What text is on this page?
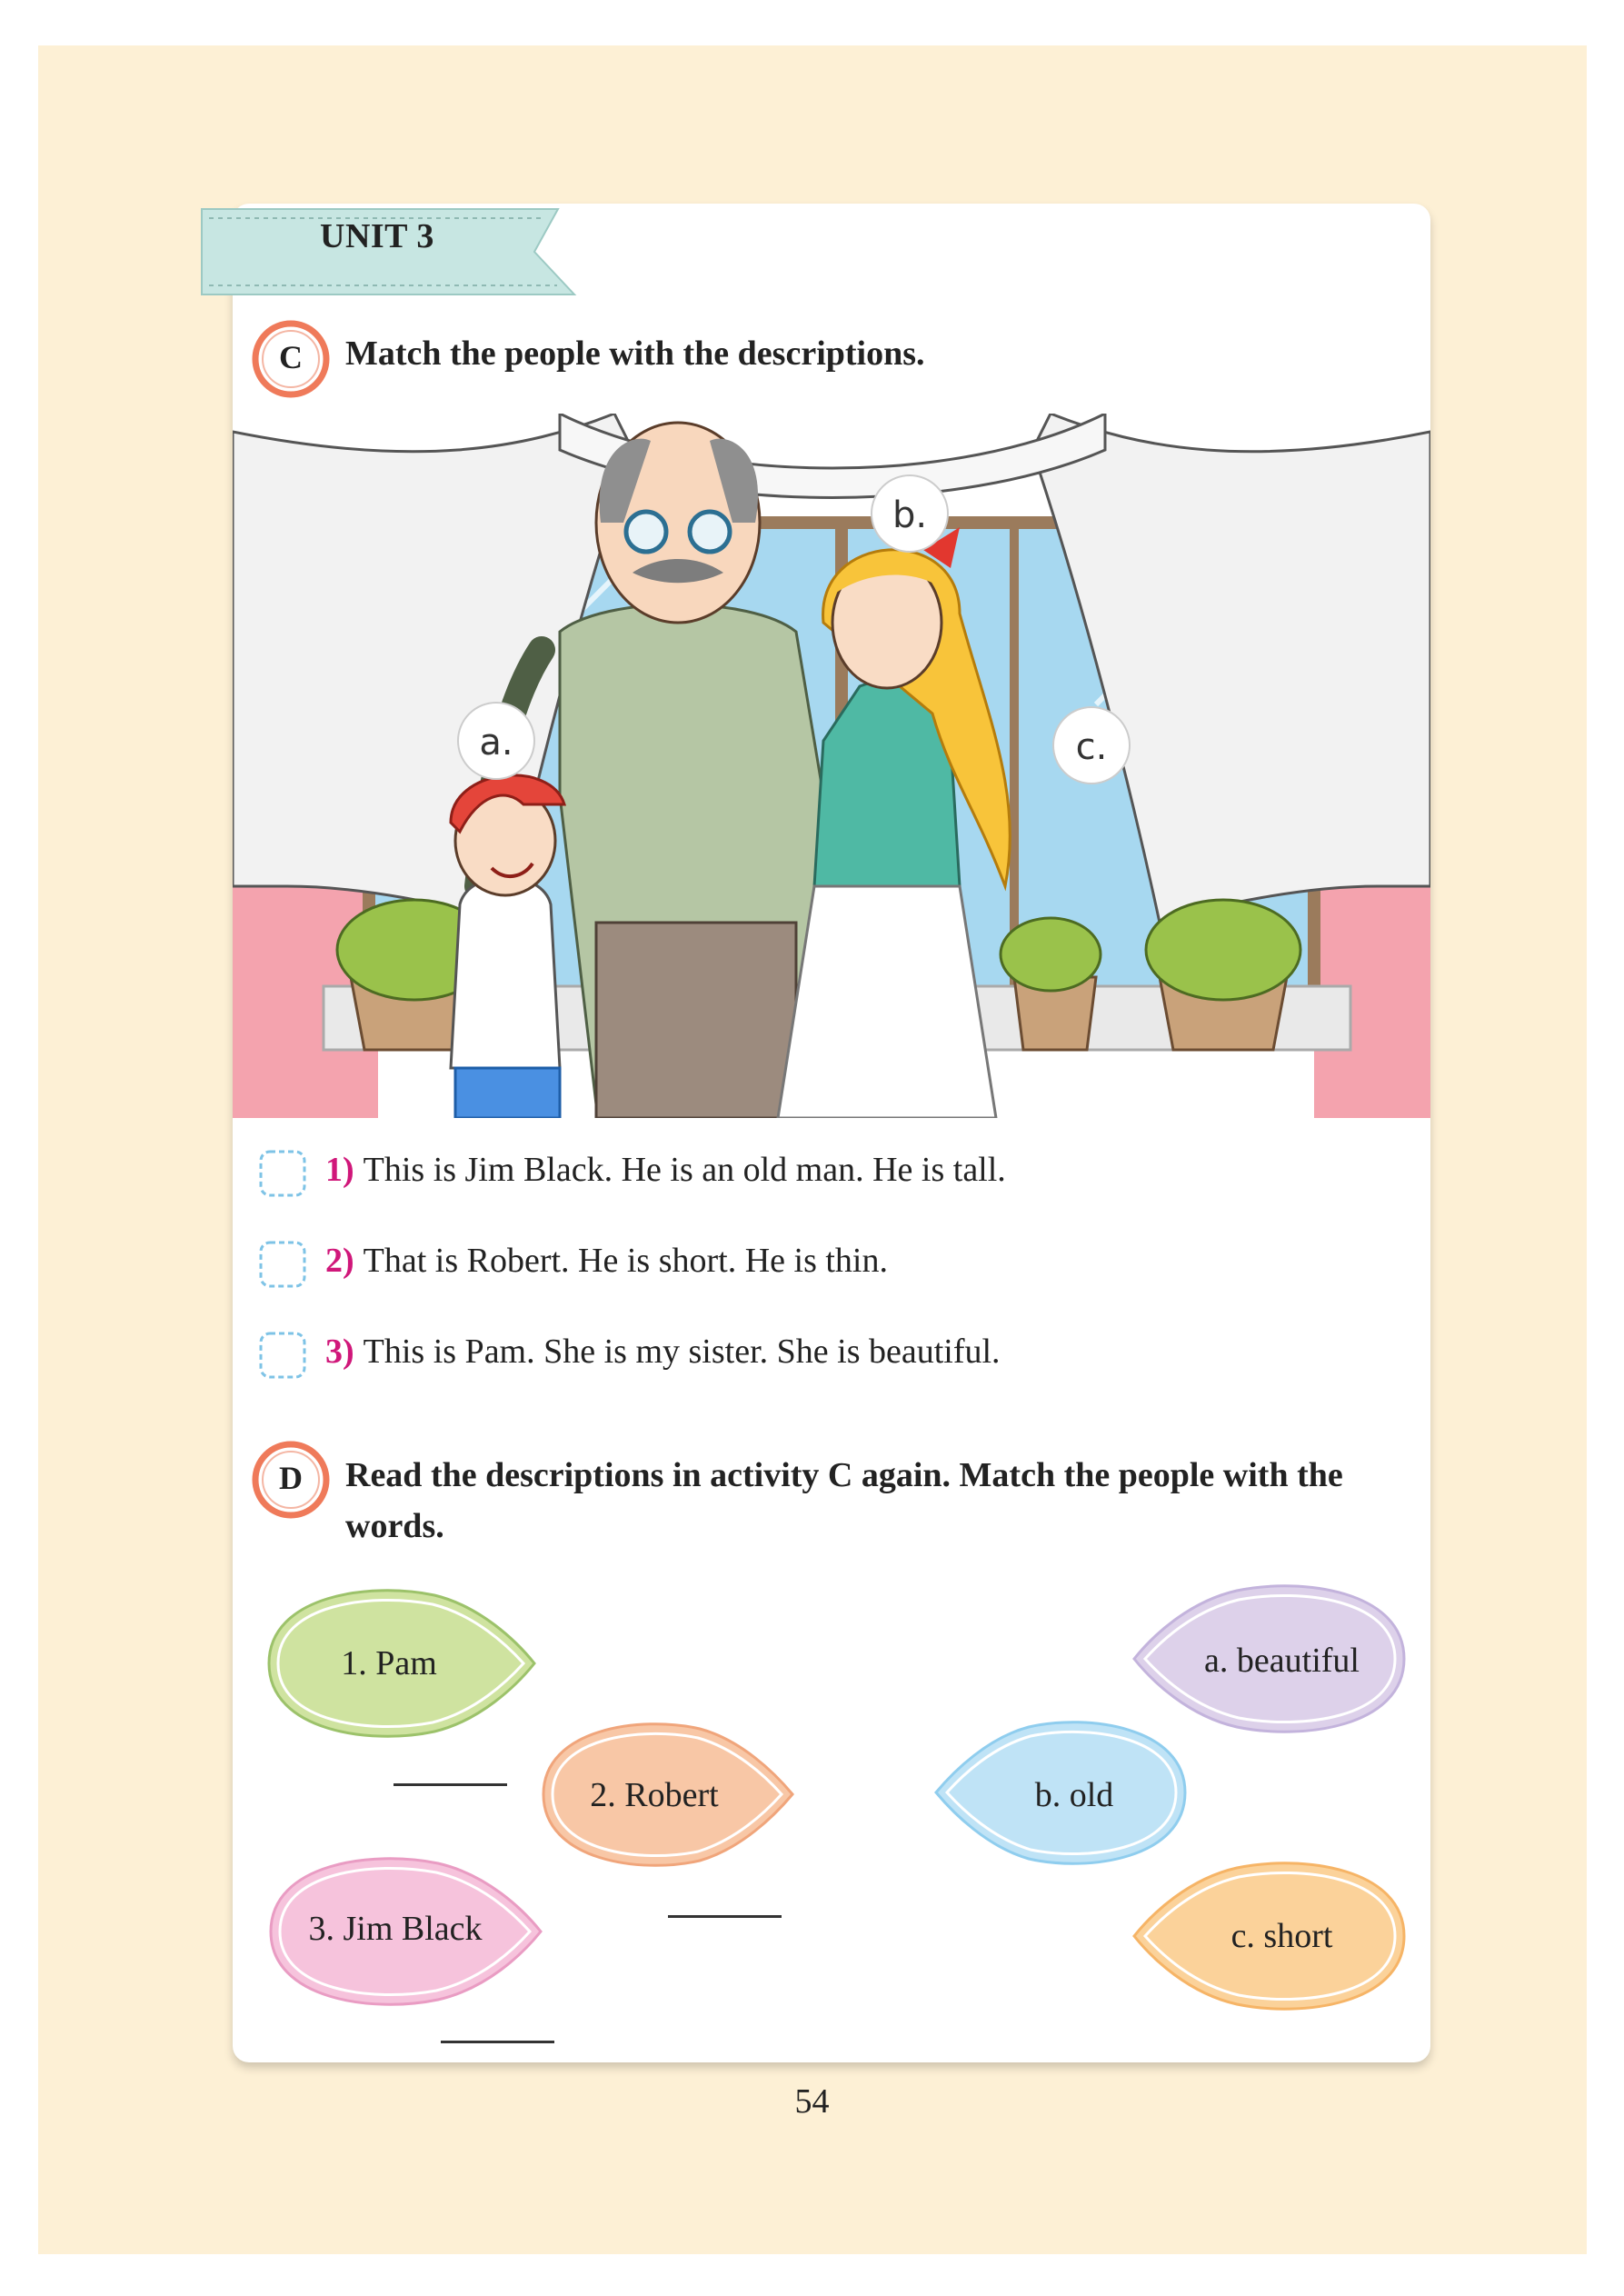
UNIT 3
C	Match the people with the descriptions.
b.
a.	c.
1) This is Jim Black. He is an old man. He is tall.
2) That is Robert. He is short. He is thin.
3) This is Pam. She is my sister. She is beautiful.
D	Read the descriptions in activity C again. Match the people with the
words.
1. Pam
2. Robert
3. Jim Black
a. beautiful
b. old
c. short
54
